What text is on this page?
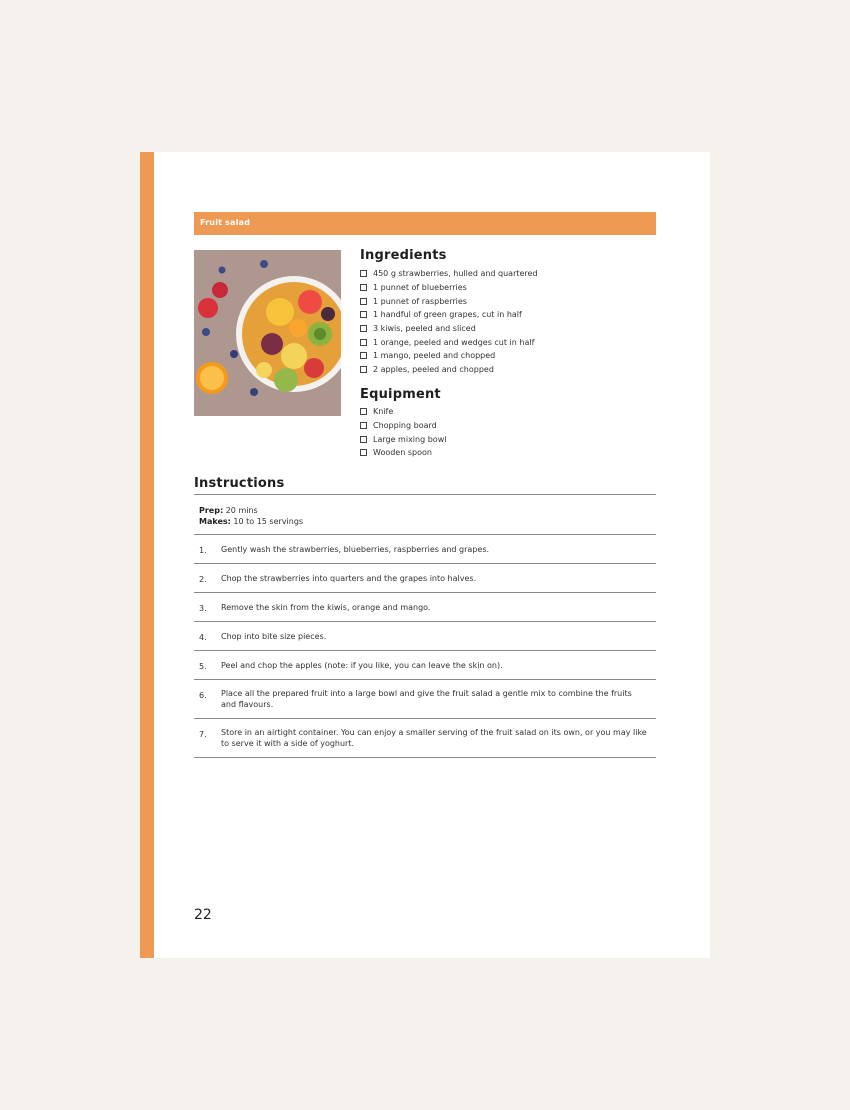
Fruit salad
Ingredients
450 g strawberries, hulled and quartered
1 punnet of blueberries
1 punnet of raspberries
1 handful of green grapes, cut in half
3 kiwis, peeled and sliced
1 orange, peeled and wedges cut in half
1 mango, peeled and chopped
2 apples, peeled and chopped
Equipment
Knife
Chopping board
Large mixing bowl
Wooden spoon
Instructions
Prep: 20 mins
Makes: 10 to 15 servings
1.	Gently wash the strawberries, blueberries, raspberries and grapes.
2.	Chop the strawberries into quarters and the grapes into halves.
3.	Remove the skin from the kiwis, orange and mango.
4.	Chop into bite size pieces.
5.	Peel and chop the apples (note: if you like, you can leave the skin on).
6.	Place all the prepared fruit into a large bowl and give the fruit salad a gentle mix to combine the fruits and flavours.
7.	Store in an airtight container. You can enjoy a smaller serving of the fruit salad on its own, or you may like to serve it with a side of yoghurt.
22
